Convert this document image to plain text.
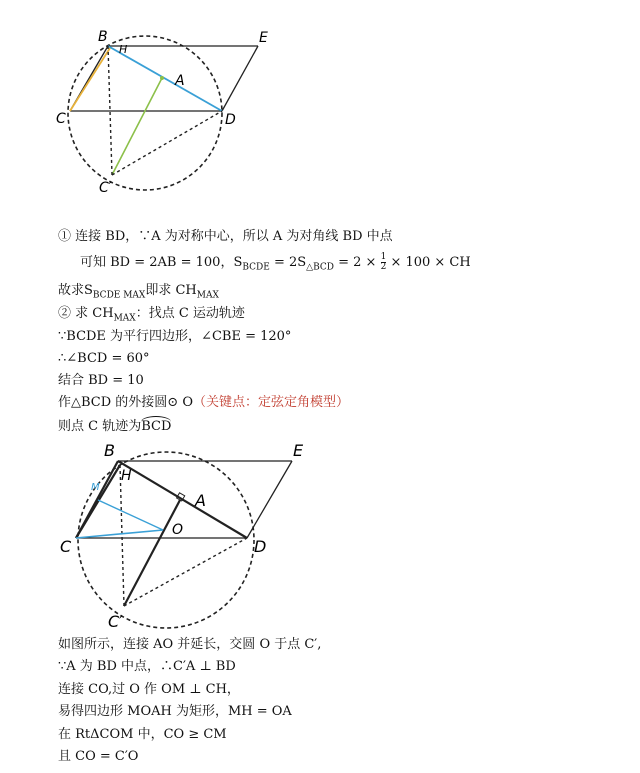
B
H
E
A
C	D
C′
① 连接 BD，∵A 为对称中心，所以 A 为对角线 BD 中点
可知 BD = 2AB = 100，$S_{BCDE} = 2S_{\triangle BCD} = 2 \times \frac{1}{2} \times 100$ × CH
故求$S_{BCDE MAX}$即求 $CH_{MAX}$
② 求 $CH_{MAX}$：找点 C 运动轨迹
∵BCDE 为平行四边形，∠CBE = 120°
∴∠BCD = 60°
结合 BD = 10
作△BCD 的外接圆⊙ O（关键点：定弦定角模型）
则点 C 轨迹为BCD
B
H
E
A
M
O
C	D
C′
如图所示，连接 AO 并延长，交圆 O 于点 C′,
∵A 为 BD 中点，∴C′A ⊥ BD
连接 CO,过 O 作 OM ⊥ CH，
易得四边形 MOAH 为矩形，MH = OA
在 RtΔCOM 中，CO ≥ CM
且 CO = C′O
